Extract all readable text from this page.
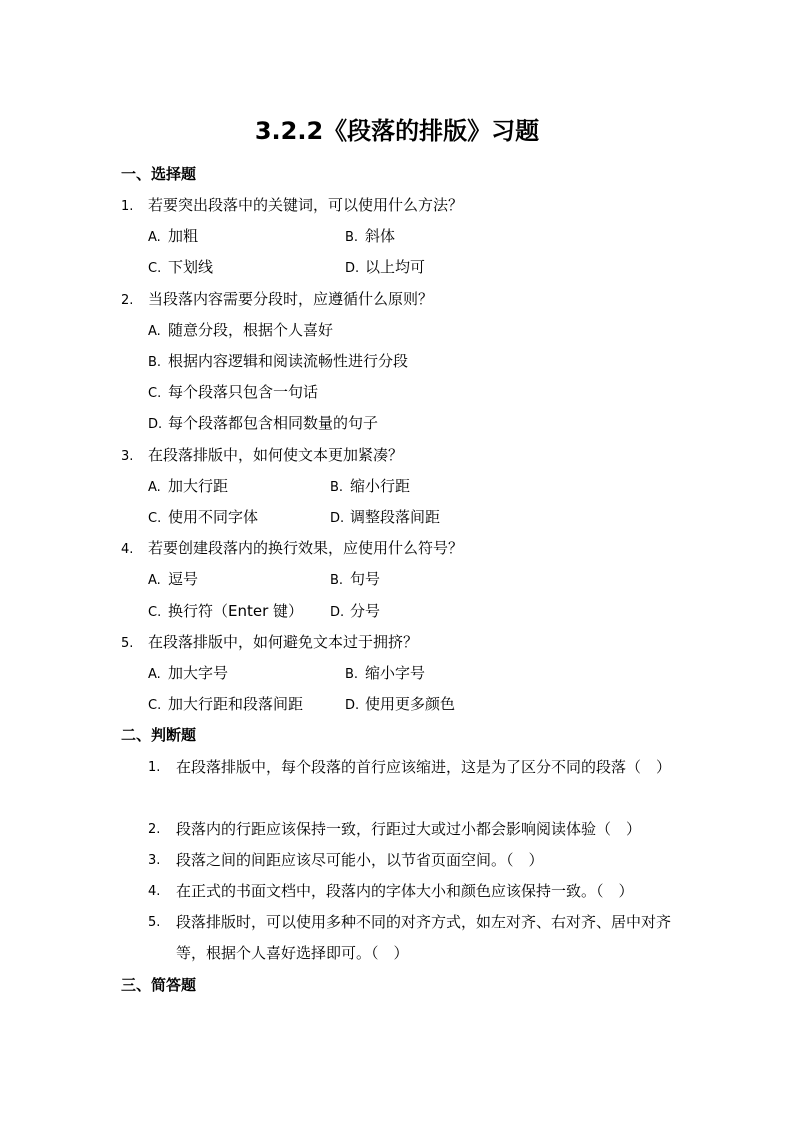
3.2.2《段落的排版》习题
一、选择题
1. 若要突出段落中的关键词，可以使用什么方法？
A. 加粗	B. 斜体
C. 下划线	D. 以上均可
2. 当段落内容需要分段时，应遵循什么原则？
A. 随意分段，根据个人喜好
B. 根据内容逻辑和阅读流畅性进行分段
C. 每个段落只包含一句话
D. 每个段落都包含相同数量的句子
3. 在段落排版中，如何使文本更加紧凑？
A. 加大行距	B. 缩小行距
C. 使用不同字体	D. 调整段落间距
4. 若要创建段落内的换行效果，应使用什么符号？
A. 逗号	B. 句号
C. 换行符（Enter 键） D. 分号
5. 在段落排版中，如何避免文本过于拥挤？
A. 加大字号	B. 缩小字号
C. 加大行距和段落间距	D. 使用更多颜色
二、判断题
1. 在段落排版中，每个段落的首行应该缩进，这是为了区分不同的段落（　）
2. 段落内的行距应该保持一致，行距过大或过小都会影响阅读体验（　）
3. 段落之间的间距应该尽可能小，以节省页面空间。（　）
4. 在正式的书面文档中，段落内的字体大小和颜色应该保持一致。（　）
5. 段落排版时，可以使用多种不同的对齐方式，如左对齐、右对齐、居中对齐等，根据个人喜好选择即可。（　）
三、简答题
